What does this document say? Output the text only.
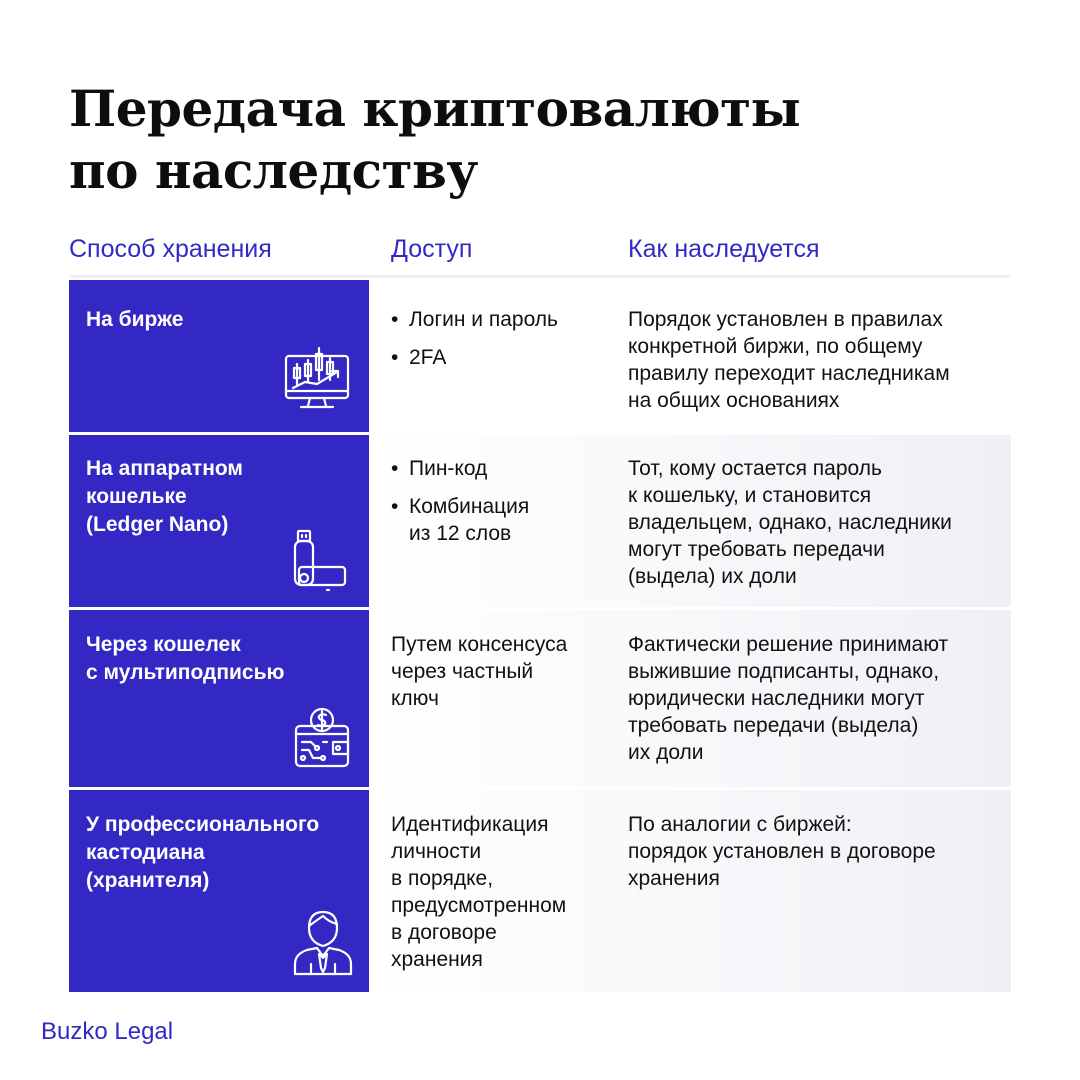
Передача криптовалюты
по наследству
Способ хранения	Доступ	Как наследуется
На бирже
•	Логин и пароль
• 2FA
Порядок установлен в правилах
конкретной биржи, по общему
правилу переходит наследникам
на общих основаниях
На аппаратном
кошельке
(Ledger Nano)
• Пин-код
• Комбинация
из 12 слов
Тот, кому остается пароль
к кошельку, и становится
владельцем, однако, наследники
могут требовать передачи
(выдела) их доли
Через кошелек
с мультиподписью
Путем консенсуса
через частный
ключ
Фактически решение принимают
выжившие подписанты, однако,
юридически наследники могут
требовать передачи (выдела)
их доли
У профессионального
кастодиана
(хранителя)
Идентификация
личности
в порядке,
предусмотренном
в договоре
хранения
По аналогии с биржей:
порядок установлен в договоре
хранения
Buzko Legal
